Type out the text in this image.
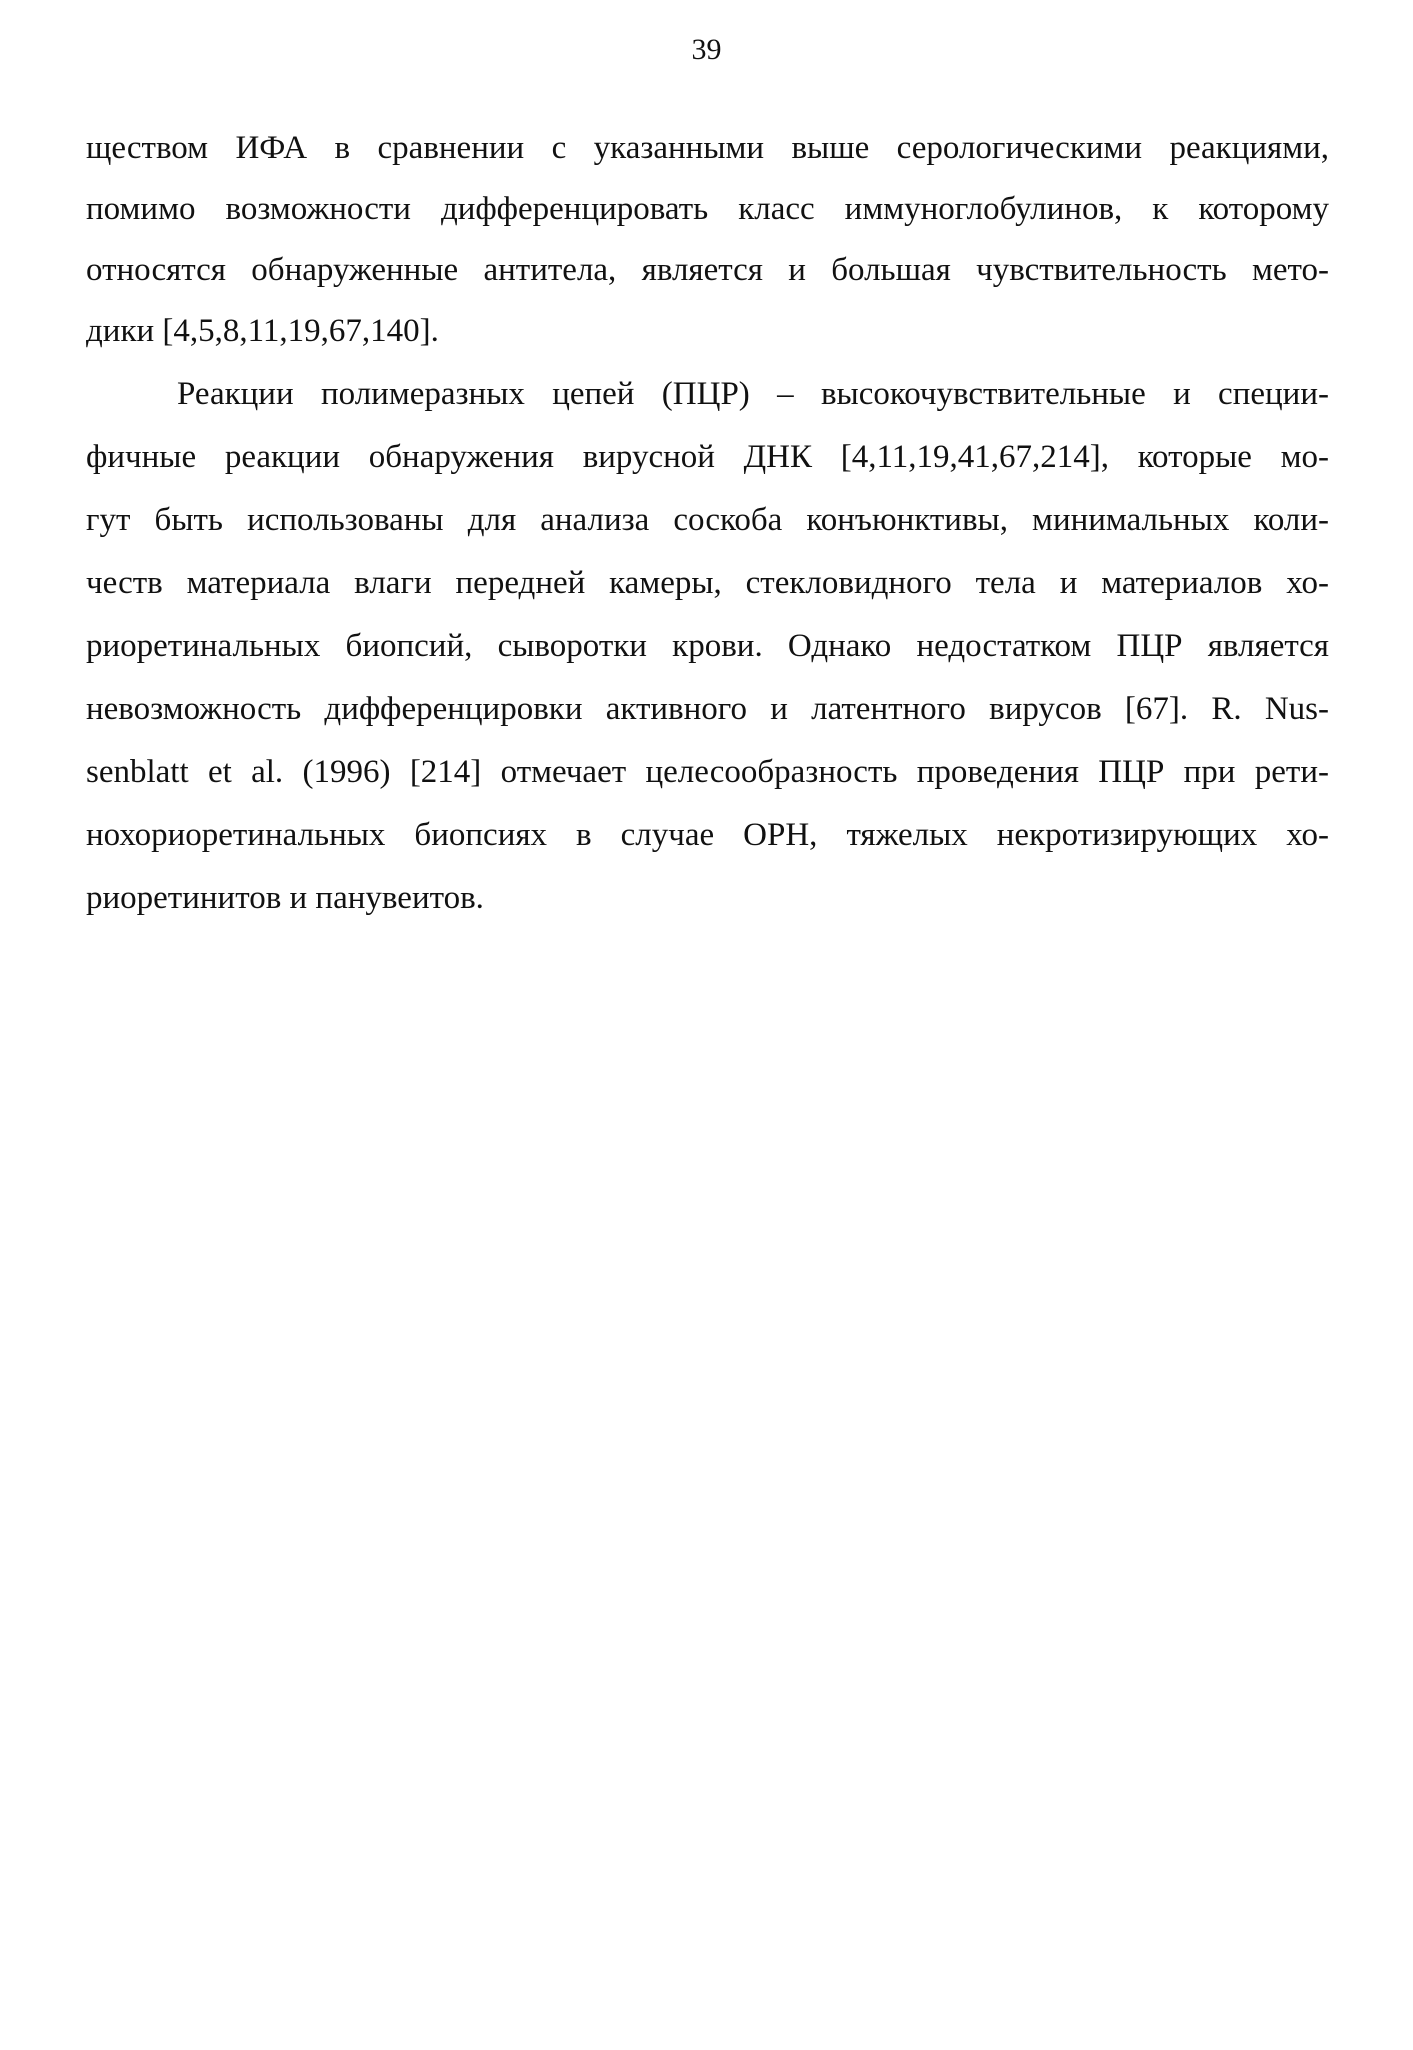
39
ществом ИФА в сравнении с указанными выше серологическими реакциями,
помимо возможности дифференцировать класс иммуноглобулинов, к которому
относятся обнаруженные антитела, является и большая чувствительность мето-
дики [4,5,8,11,19,67,140].
Реакции полимеразных цепей (ПЦР) – высокочувствительные и специи-
фичные реакции обнаружения вирусной ДНК [4,11,19,41,67,214], которые мо-
гут быть использованы для анализа соскоба конъюнктивы, минимальных коли-
честв материала влаги передней камеры, стекловидного тела и материалов хо-
риоретинальных биопсий, сыворотки крови. Однако недостатком ПЦР является
невозможность дифференцировки активного и латентного вирусов [67]. R. Nus-
senblatt et al. (1996) [214] отмечает целесообразность проведения ПЦР при рети-
нохориоретинальных биопсиях в случае ОРН, тяжелых некротизирующих хо-
риоретинитов и панувеитов.
